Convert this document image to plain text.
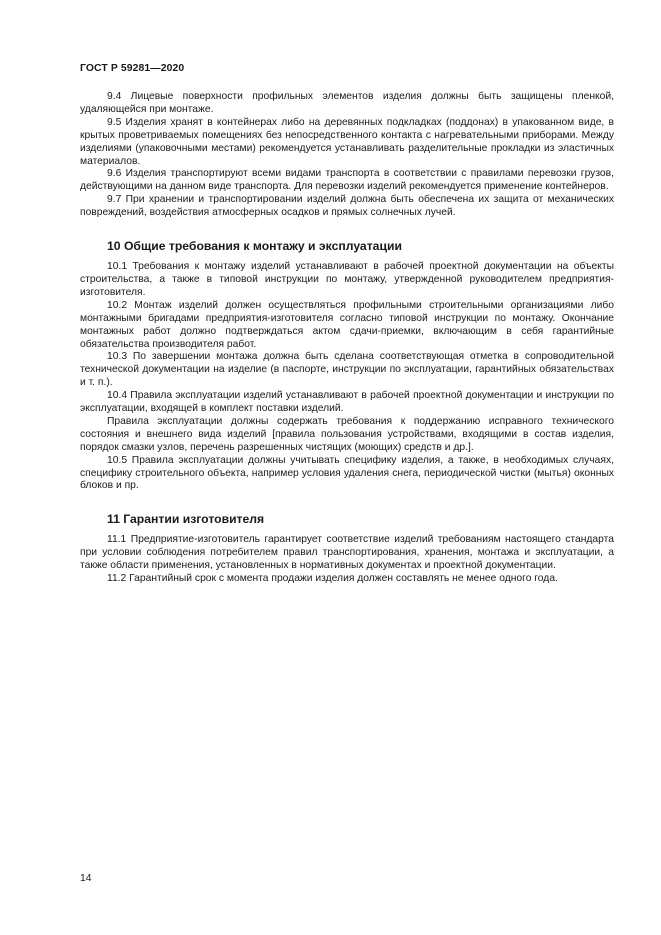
ГОСТ Р 59281—2020

9.4 Лицевые поверхности профильных элементов изделия должны быть защищены пленкой, удаляющейся при монтаже.

9.5 Изделия хранят в контейнерах либо на деревянных подкладках (поддонах) в упакованном виде, в крытых проветриваемых помещениях без непосредственного контакта с нагревательными приборами. Между изделиями (упаковочными местами) рекомендуется устанавливать разделительные прокладки из эластичных материалов.

9.6 Изделия транспортируют всеми видами транспорта в соответствии с правилами перевозки грузов, действующими на данном виде транспорта. Для перевозки изделий рекомендуется применение контейнеров.

9.7 При хранении и транспортировании изделий должна быть обеспечена их защита от механических повреждений, воздействия атмосферных осадков и прямых солнечных лучей.

10 Общие требования к монтажу и эксплуатации

10.1 Требования к монтажу изделий устанавливают в рабочей проектной документации на объекты строительства, а также в типовой инструкции по монтажу, утвержденной руководителем предприятия-изготовителя.

10.2 Монтаж изделий должен осуществляться профильными строительными организациями либо монтажными бригадами предприятия-изготовителя согласно типовой инструкции по монтажу. Окончание монтажных работ должно подтверждаться актом сдачи-приемки, включающим в себя гарантийные обязательства производителя работ.

10.3 По завершении монтажа должна быть сделана соответствующая отметка в сопроводительной технической документации на изделие (в паспорте, инструкции по эксплуатации, гарантийных обязательствах и т. п.).

10.4 Правила эксплуатации изделий устанавливают в рабочей проектной документации и инструкции по эксплуатации, входящей в комплект поставки изделий.

Правила эксплуатации должны содержать требования к поддержанию исправного технического состояния и внешнего вида изделий [правила пользования устройствами, входящими в состав изделия, порядок смазки узлов, перечень разрешенных чистящих (моющих) средств и др.].

10.5 Правила эксплуатации должны учитывать специфику изделия, а также, в необходимых случаях, специфику строительного объекта, например условия удаления снега, периодической чистки (мытья) оконных блоков и пр.

11 Гарантии изготовителя

11.1 Предприятие-изготовитель гарантирует соответствие изделий требованиям настоящего стандарта при условии соблюдения потребителем правил транспортирования, хранения, монтажа и эксплуатации, а также области применения, установленных в нормативных документах и проектной документации.

11.2 Гарантийный срок с момента продажи изделия должен составлять не менее одного года.

14
